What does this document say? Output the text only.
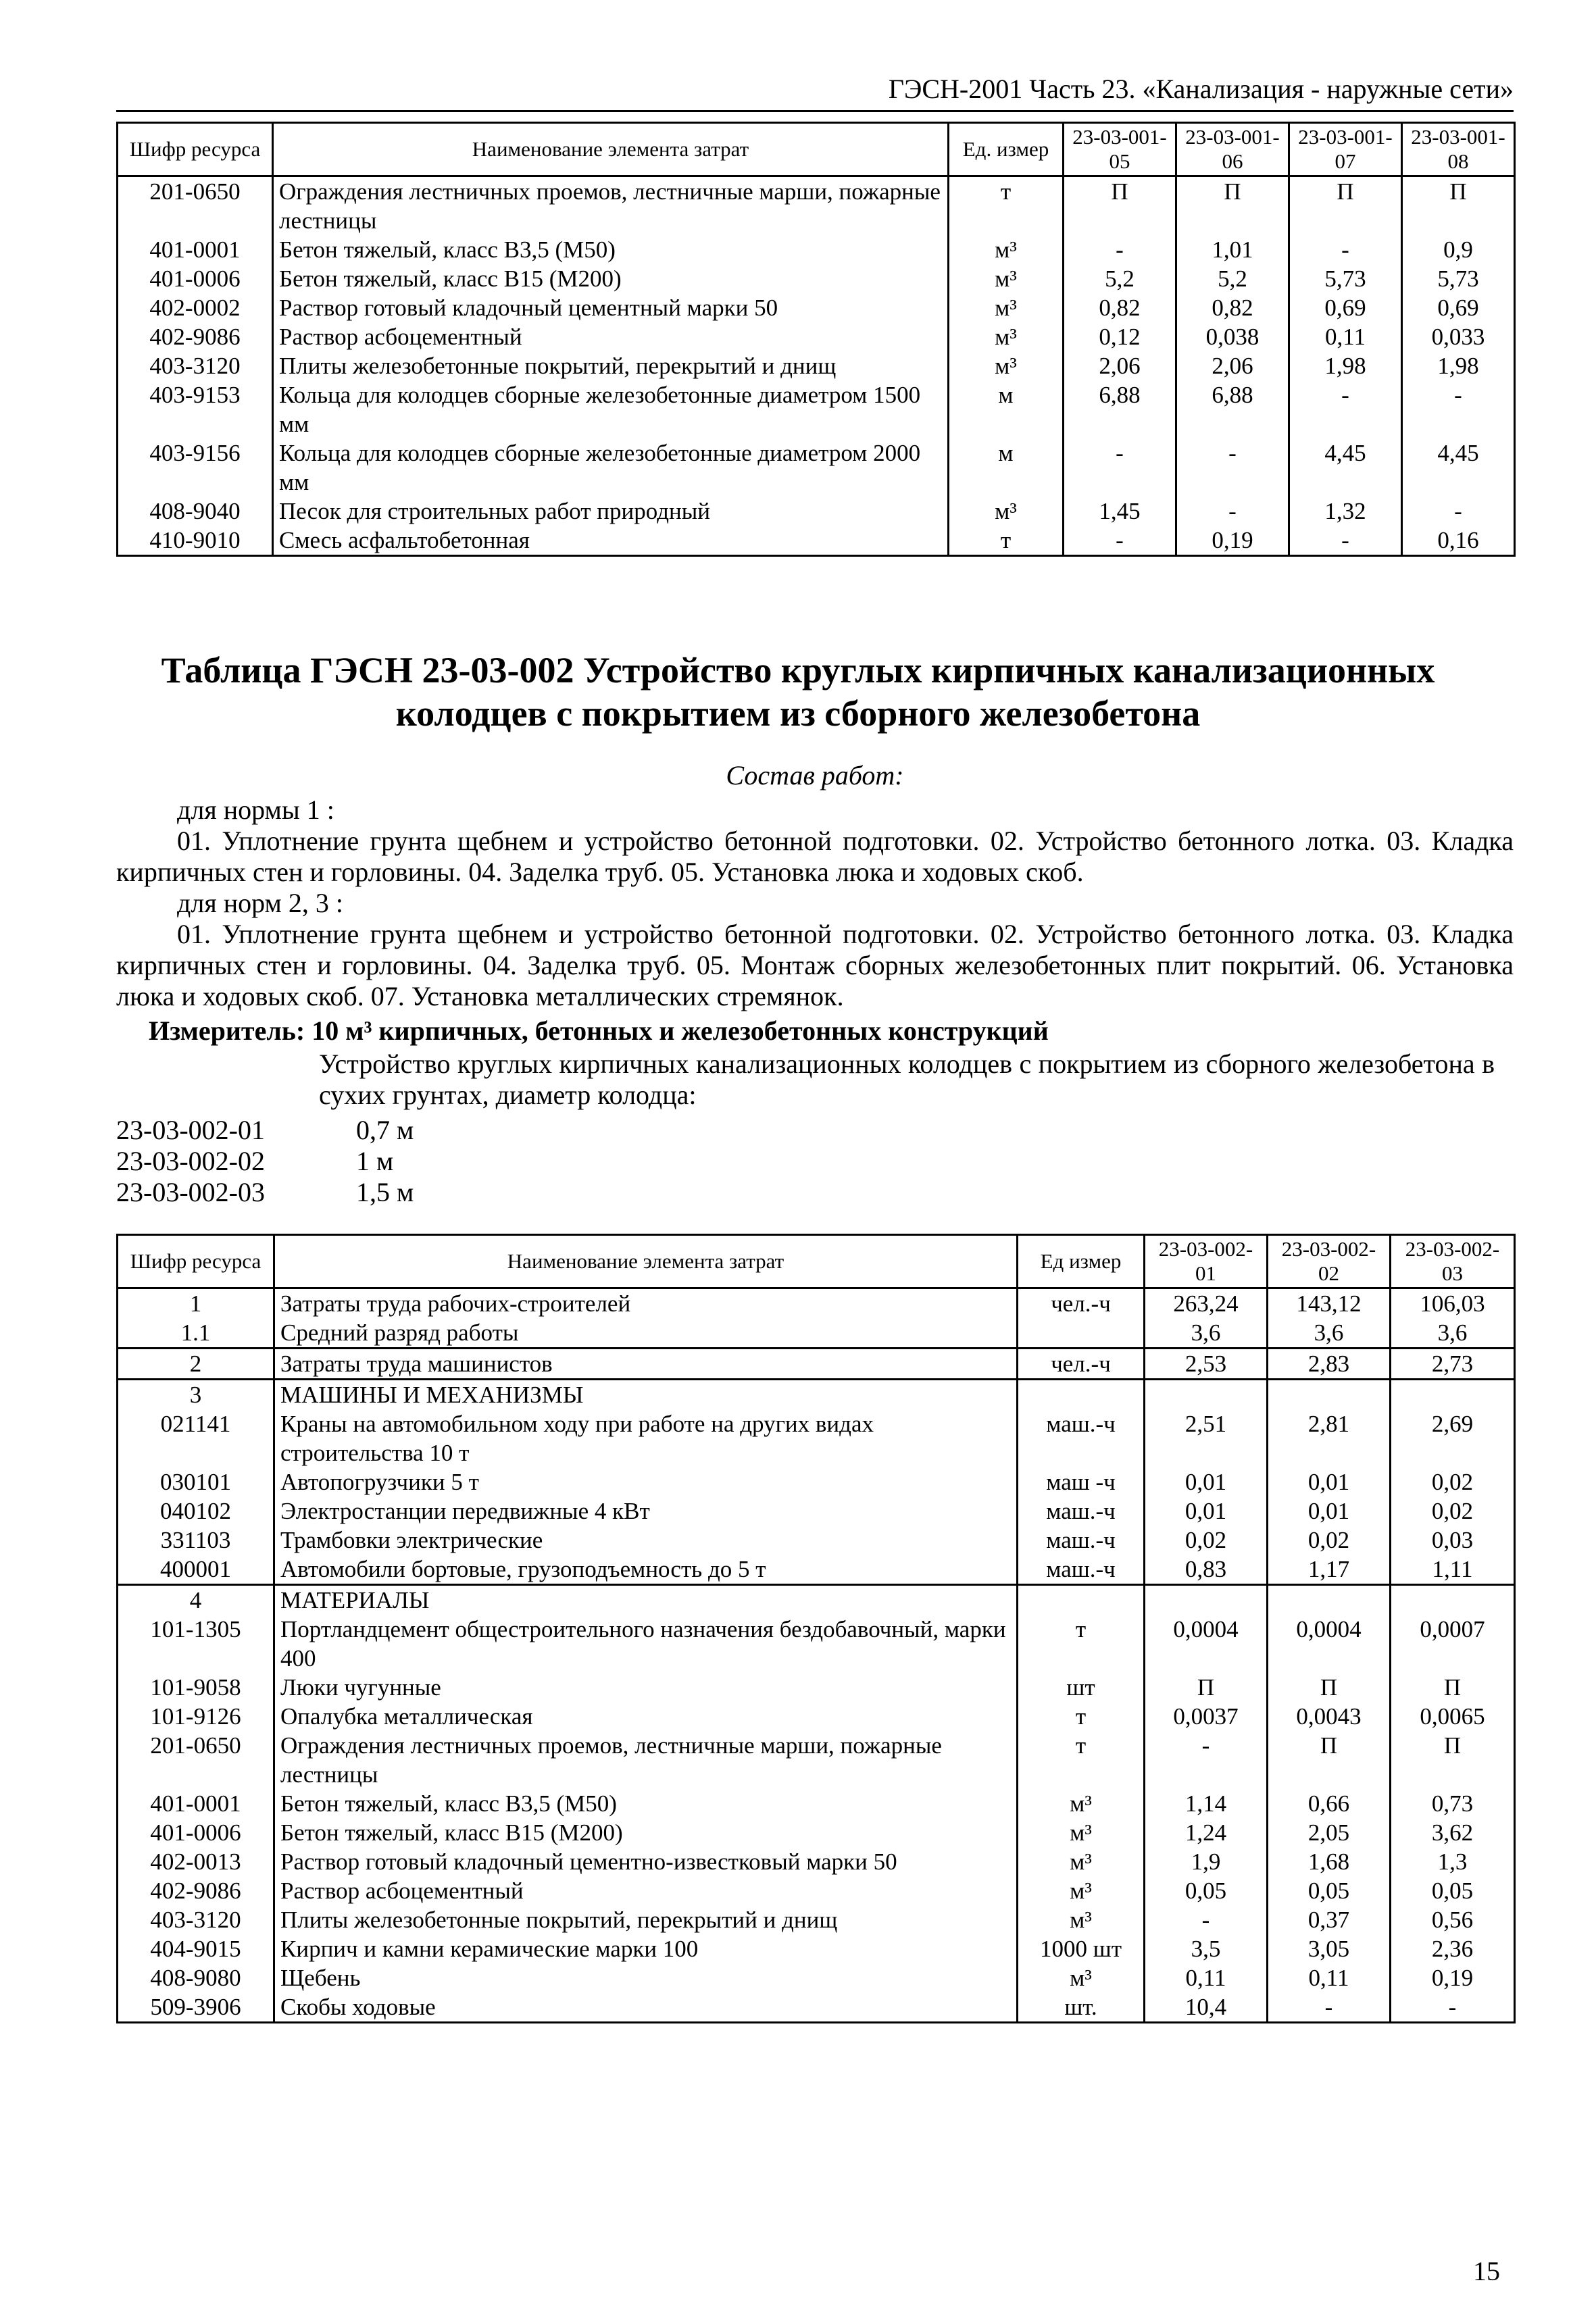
ГЭСН-2001 Часть 23. «Канализация - наружные сети»
Шифр ресурса	Наименование элемента затрат	Ед. измер	23-03-001-05	23-03-001-06	23-03-001-07	23-03-001-08
201-0650	Ограждения лестничных проемов, лестничные марши, пожарные лестницы	т	П	П	П	П
401-0001	Бетон тяжелый, класс В3,5 (М50)	м³	-	1,01	-	0,9
401-0006	Бетон тяжелый, класс В15 (М200)	м³	5,2	5,2	5,73	5,73
402-0002	Раствор готовый кладочный цементный марки 50	м³	0,82	0,82	0,69	0,69
402-9086	Раствор асбоцементный	м³	0,12	0,038	0,11	0,033
403-3120	Плиты железобетонные покрытий, перекрытий и днищ	м³	2,06	2,06	1,98	1,98
403-9153	Кольца для колодцев сборные железобетонные диаметром 1500 мм	м	6,88	6,88	-	-
403-9156	Кольца для колодцев сборные железобетонные диаметром 2000 мм	м	-	-	4,45	4,45
408-9040	Песок для строительных работ природный	м³	1,45	-	1,32	-
410-9010	Смесь асфальтобетонная	т	-	0,19	-	0,16
Таблица ГЭСН 23-03-002 Устройство круглых кирпичных канализационных колодцев с покрытием из сборного железобетона
Состав работ:
для нормы 1 :
01. Уплотнение грунта щебнем и устройство бетонной подготовки. 02. Устройство бетонного лотка. 03. Кладка кирпичных стен и горловины. 04. Заделка труб. 05. Установка люка и ходовых скоб.
для норм 2, 3 :
01. Уплотнение грунта щебнем и устройство бетонной подготовки. 02. Устройство бетонного лотка. 03. Кладка кирпичных стен и горловины. 04. Заделка труб. 05. Монтаж сборных железобетонных плит покрытий. 06. Установка люка и ходовых скоб. 07. Установка металлических стремянок.
Измеритель: 10 м³ кирпичных, бетонных и железобетонных конструкций
Устройство круглых кирпичных канализационных колодцев с покрытием из сборного железобетона в сухих грунтах, диаметр колодца:
23-03-002-01	0,7 м
23-03-002-02	1 м
23-03-002-03	1,5 м
Шифр ресурса	Наименование элемента затрат	Ед измер	23-03-002-01	23-03-002-02	23-03-002-03
1	Затраты труда рабочих-строителей	чел.-ч	263,24	143,12	106,03
1.1	Средний разряд работы		3,6	3,6	3,6
2	Затраты труда машинистов	чел.-ч	2,53	2,83	2,73
3	МАШИНЫ И МЕХАНИЗМЫ				
021141	Краны на автомобильном ходу при работе на других видах строительства 10 т	маш.-ч	2,51	2,81	2,69
030101	Автопогрузчики 5 т	маш -ч	0,01	0,01	0,02
040102	Электростанции передвижные 4 кВт	маш.-ч	0,01	0,01	0,02
331103	Трамбовки электрические	маш.-ч	0,02	0,02	0,03
400001	Автомобили бортовые, грузоподъемность до 5 т	маш.-ч	0,83	1,17	1,11
4	МАТЕРИАЛЫ				
101-1305	Портландцемент общестроительного назначения бездобавочный, марки 400	т	0,0004	0,0004	0,0007
101-9058	Люки чугунные	шт	П	П	П
101-9126	Опалубка металлическая	т	0,0037	0,0043	0,0065
201-0650	Ограждения лестничных проемов, лестничные марши, пожарные лестницы	т	-	П	П
401-0001	Бетон тяжелый, класс В3,5 (М50)	м³	1,14	0,66	0,73
401-0006	Бетон тяжелый, класс В15 (М200)	м³	1,24	2,05	3,62
402-0013	Раствор готовый кладочный цементно-известковый марки 50	м³	1,9	1,68	1,3
402-9086	Раствор асбоцементный	м³	0,05	0,05	0,05
403-3120	Плиты железобетонные покрытий, перекрытий и днищ	м³	-	0,37	0,56
404-9015	Кирпич и камни керамические марки 100	1000 шт	3,5	3,05	2,36
408-9080	Щебень	м³	0,11	0,11	0,19
509-3906	Скобы ходовые	шт.	10,4	-	-
15
